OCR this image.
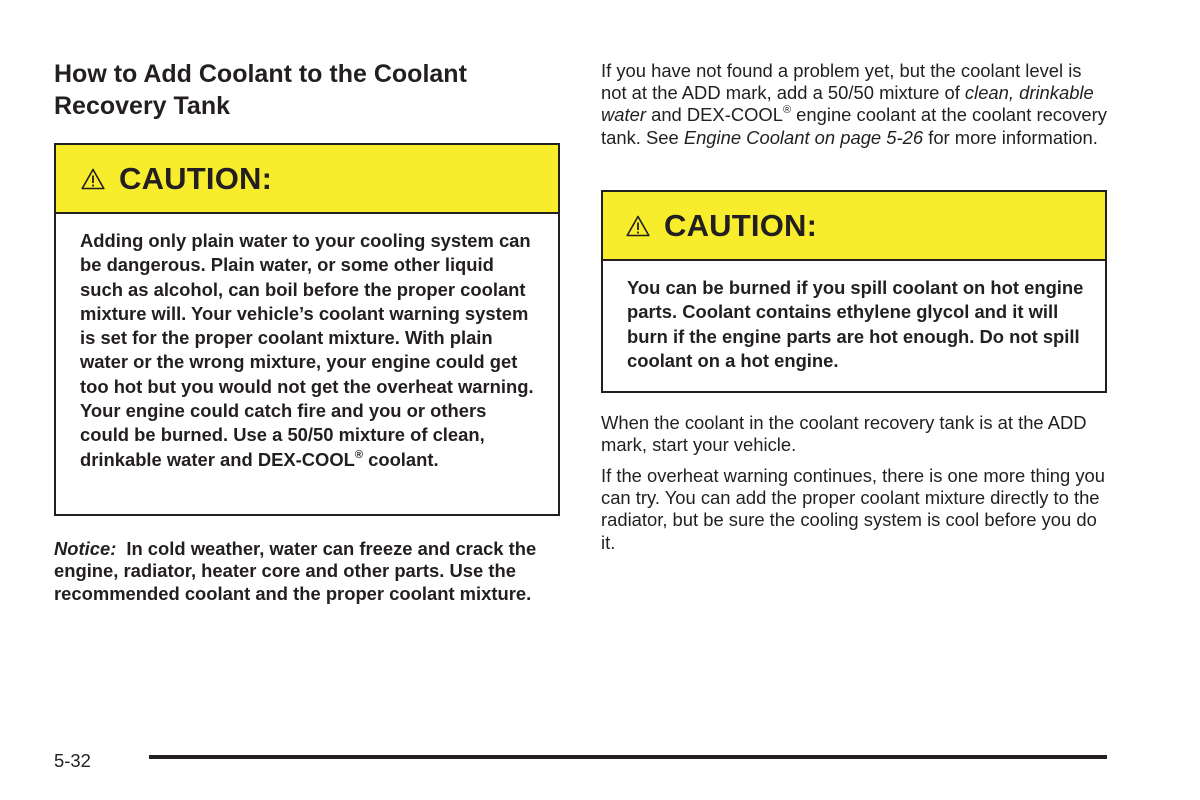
How to Add Coolant to the Coolant Recovery Tank
CAUTION:
Adding only plain water to your cooling system can be dangerous. Plain water, or some other liquid such as alcohol, can boil before the proper coolant mixture will. Your vehicle’s coolant warning system is set for the proper coolant mixture. With plain water or the wrong mixture, your engine could get too hot but you would not get the overheat warning. Your engine could catch fire and you or others could be burned. Use a 50/50 mixture of clean, drinkable water and DEX-COOL® coolant.
Notice: In cold weather, water can freeze and crack the engine, radiator, heater core and other parts. Use the recommended coolant and the proper coolant mixture.

If you have not found a problem yet, but the coolant level is not at the ADD mark, add a 50/50 mixture of clean, drinkable water and DEX-COOL® engine coolant at the coolant recovery tank. See Engine Coolant on page 5-26 for more information.

CAUTION:
You can be burned if you spill coolant on hot engine parts. Coolant contains ethylene glycol and it will burn if the engine parts are hot enough. Do not spill coolant on a hot engine.

When the coolant in the coolant recovery tank is at the ADD mark, start your vehicle.

If the overheat warning continues, there is one more thing you can try. You can add the proper coolant mixture directly to the radiator, but be sure the cooling system is cool before you do it.

5-32
